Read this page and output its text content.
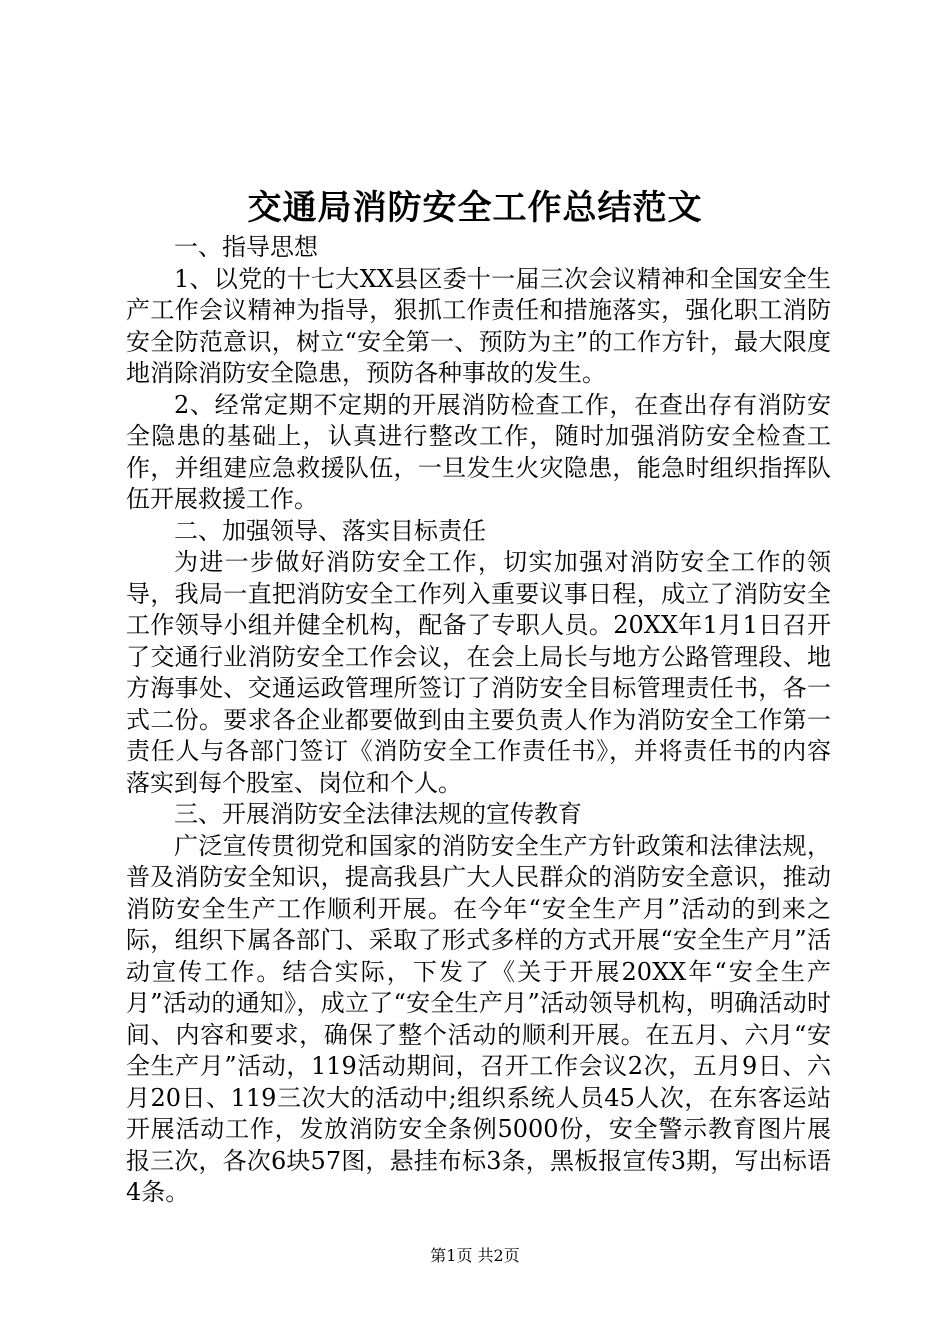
交通局消防安全工作总结范文

一、指导思想

1、以党的十七大XX县区委十一届三次会议精神和全国安全生产工作会议精神为指导，狠抓工作责任和措施落实，强化职工消防安全防范意识，树立“安全第一、预防为主”的工作方针，最大限度地消除消防安全隐患，预防各种事故的发生。

2、经常定期不定期的开展消防检查工作，在查出存有消防安全隐患的基础上，认真进行整改工作，随时加强消防安全检查工作，并组建应急救援队伍，一旦发生火灾隐患，能急时组织指挥队伍开展救援工作。

二、加强领导、落实目标责任

为进一步做好消防安全工作，切实加强对消防安全工作的领导，我局一直把消防安全工作列入重要议事日程，成立了消防安全工作领导小组并健全机构，配备了专职人员。20XX年1月1日召开了交通行业消防安全工作会议，在会上局长与地方公路管理段、地方海事处、交通运政管理所签订了消防安全目标管理责任书，各一式二份。要求各企业都要做到由主要负责人作为消防安全工作第一责任人与各部门签订《消防安全工作责任书》，并将责任书的内容落实到每个股室、岗位和个人。

三、开展消防安全法律法规的宣传教育

广泛宣传贯彻党和国家的消防安全生产方针政策和法律法规，普及消防安全知识，提高我县广大人民群众的消防安全意识，推动消防安全生产工作顺利开展。在今年“安全生产月”活动的到来之际，组织下属各部门、采取了形式多样的方式开展“安全生产月”活动宣传工作。结合实际，下发了《关于开展20XX年“安全生产月”活动的通知》，成立了“安全生产月”活动领导机构，明确活动时间、内容和要求，确保了整个活动的顺利开展。在五月、六月“安全生产月”活动，119活动期间，召开工作会议2次，五月9日、六月20日、119三次大的活动中;组织系统人员45人次，在东客运站开展活动工作，发放消防安全条例5000份，安全警示教育图片展报三次，各次6块57图，悬挂布标3条，黑板报宣传3期，写出标语4条。

第1页 共2页
